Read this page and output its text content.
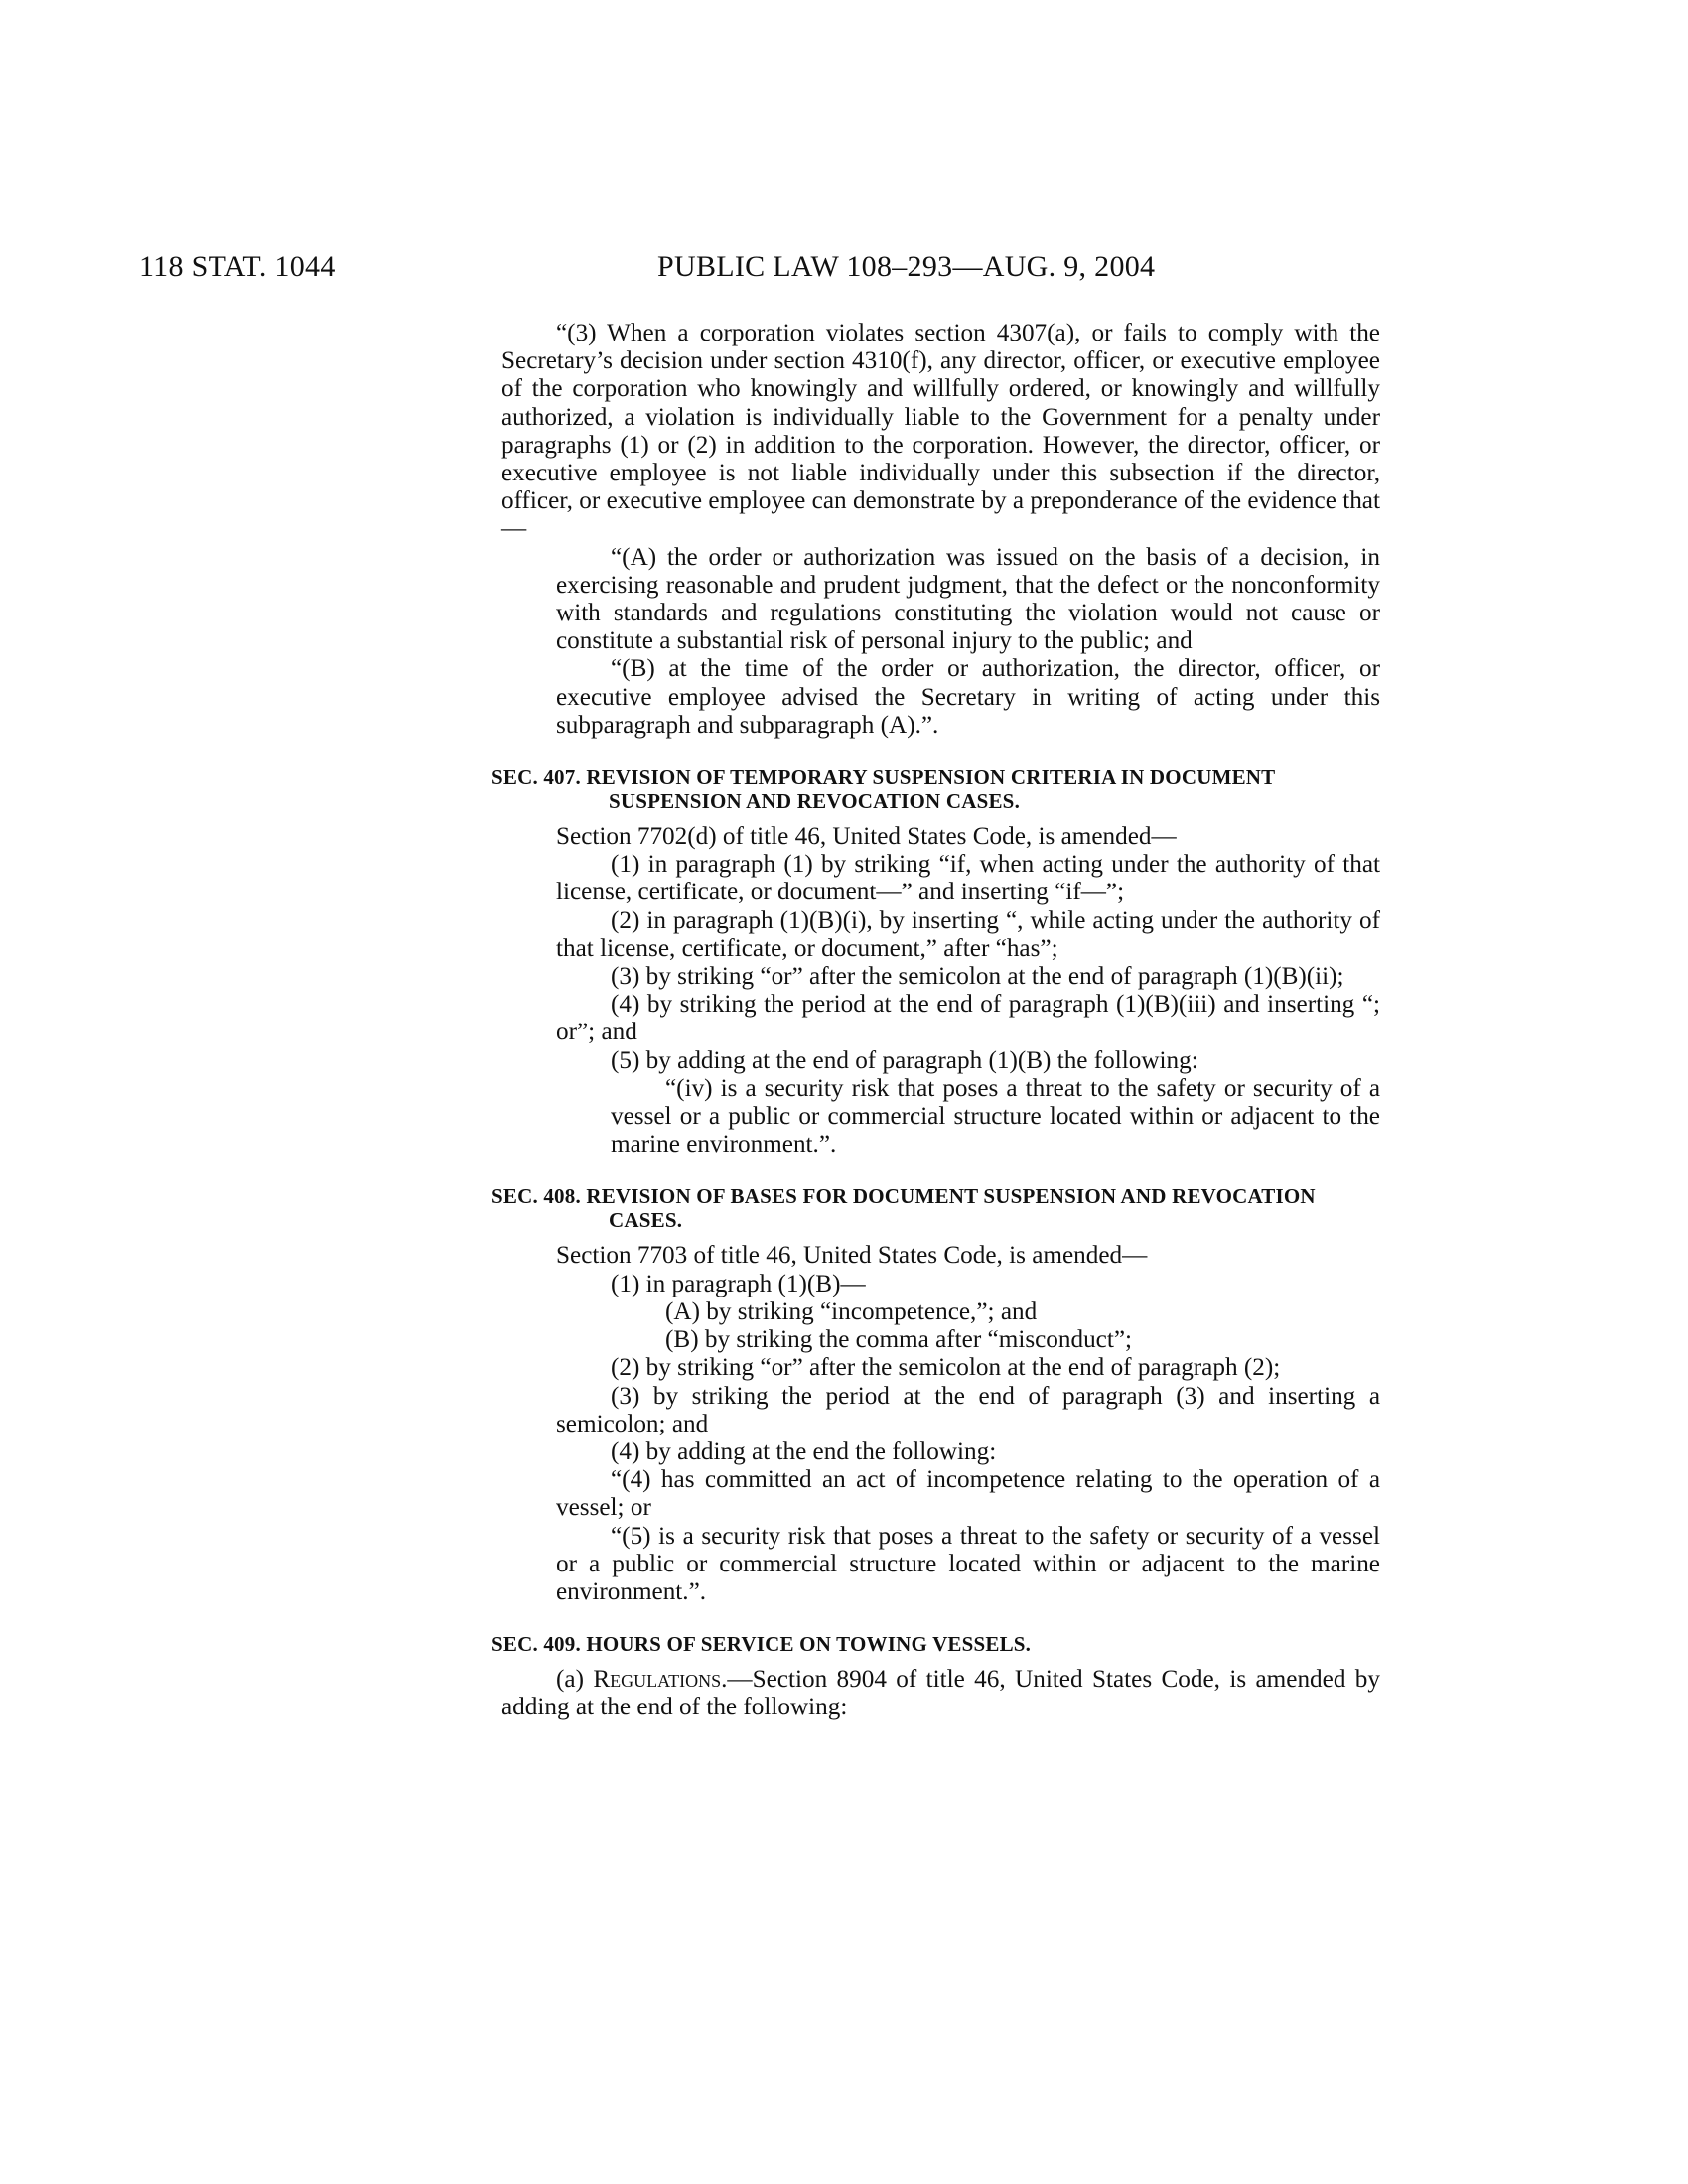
118 STAT. 1044	PUBLIC LAW 108–293—AUG. 9, 2004

“(3) When a corporation violates section 4307(a), or fails to comply with the Secretary’s decision under section 4310(f), any director, officer, or executive employee of the corporation who knowingly and willfully ordered, or knowingly and willfully authorized, a violation is individually liable to the Government for a penalty under paragraphs (1) or (2) in addition to the corporation. However, the director, officer, or executive employee is not liable individually under this subsection if the director, officer, or executive employee can demonstrate by a preponderance of the evidence that—

“(A) the order or authorization was issued on the basis of a decision, in exercising reasonable and prudent judgment, that the defect or the nonconformity with standards and regulations constituting the violation would not cause or constitute a substantial risk of personal injury to the public; and

“(B) at the time of the order or authorization, the director, officer, or executive employee advised the Secretary in writing of acting under this subparagraph and subparagraph (A).”.

SEC. 407. REVISION OF TEMPORARY SUSPENSION CRITERIA IN DOCUMENT SUSPENSION AND REVOCATION CASES.

Section 7702(d) of title 46, United States Code, is amended—

(1) in paragraph (1) by striking “if, when acting under the authority of that license, certificate, or document—” and inserting “if—”;

(2) in paragraph (1)(B)(i), by inserting “, while acting under the authority of that license, certificate, or document,” after “has”;

(3) by striking “or” after the semicolon at the end of paragraph (1)(B)(ii);

(4) by striking the period at the end of paragraph (1)(B)(iii) and inserting “; or”; and

(5) by adding at the end of paragraph (1)(B) the following:

“(iv) is a security risk that poses a threat to the safety or security of a vessel or a public or commercial structure located within or adjacent to the marine environment.”.

SEC. 408. REVISION OF BASES FOR DOCUMENT SUSPENSION AND REVOCATION CASES.

Section 7703 of title 46, United States Code, is amended—

(1) in paragraph (1)(B)—

(A) by striking “incompetence,”; and

(B) by striking the comma after “misconduct”;

(2) by striking “or” after the semicolon at the end of paragraph (2);

(3) by striking the period at the end of paragraph (3) and inserting a semicolon; and

(4) by adding at the end the following:

“(4) has committed an act of incompetence relating to the operation of a vessel; or

“(5) is a security risk that poses a threat to the safety or security of a vessel or a public or commercial structure located within or adjacent to the marine environment.”.

SEC. 409. HOURS OF SERVICE ON TOWING VESSELS.

(a) Regulations.—Section 8904 of title 46, United States Code, is amended by adding at the end of the following:
